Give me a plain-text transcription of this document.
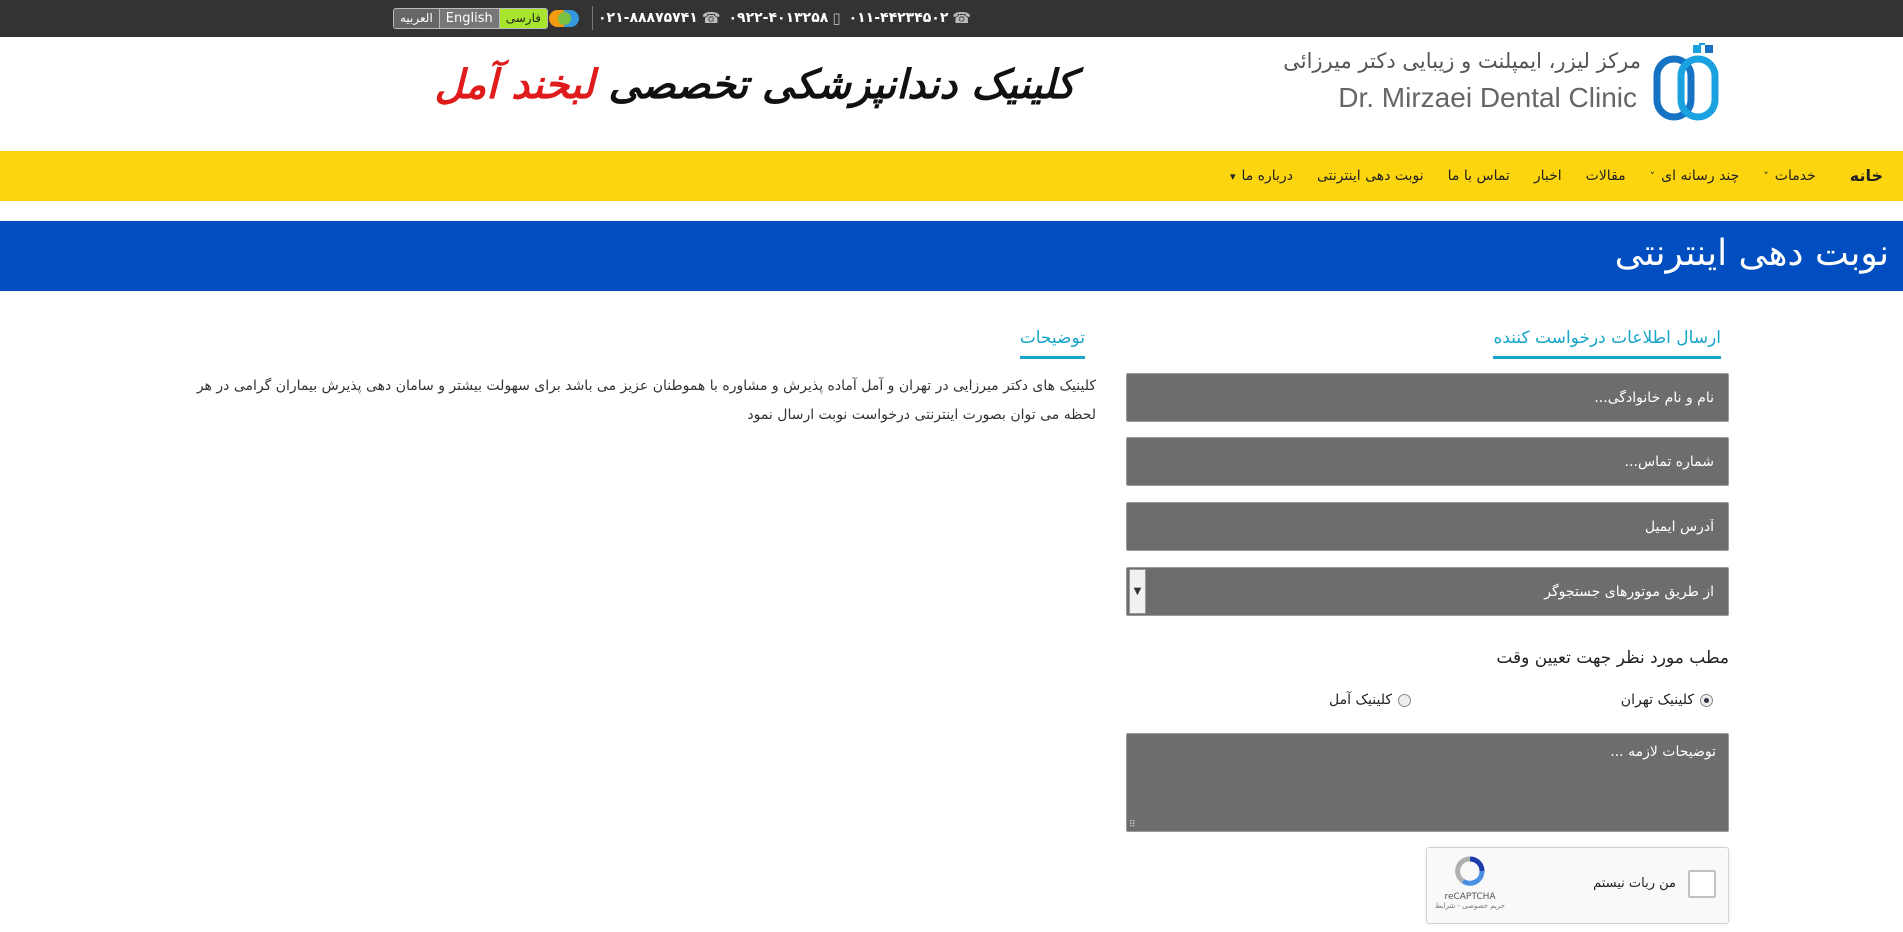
العربیه	English	فارسی	☎
۰۱۱-۴۴۲۳۴۵۰۲
▯
۰۹۲۲-۴۰۱۳۲۵۸
☎
۰۲۱-۸۸۸۷۵۷۴۱
مرکز لیزر، ایمپلنت و زیبایی دکتر میرزائی
Dr. Mirzaei Dental Clinic
کلینیک دندانپزشکی تخصصی

لبخند آمل
خانه
خدمات˅
چند رسانه ای˅
مقالات
اخبار
تماس با ما
نوبت دهی اینترنتی
درباره ما▾
نوبت دهی اینترنتی
ارسال اطلاعات درخواست کننده
نام و نام خانوادگی...
شماره تماس...
آدرس ایمیل
از طریق موتورهای جستجوگر
▼
مطب مورد نظر جهت تعیین وقت
کلینیک تهران
کلینیک آمل
توضیحات لازمه ...
⠿
من ربات نیستم
reCAPTCHA
حریم خصوصی - شرایط
توضیحات
کلینیک های دکتر میرزایی در تهران و آمل آماده پذیرش و مشاوره با هموطنان عزیز می باشد برای سهولت بیشتر و سامان دهی پذیرش بیماران گرامی در هر لحظه می توان بصورت اینترنتی درخواست نوبت ارسال نمود
